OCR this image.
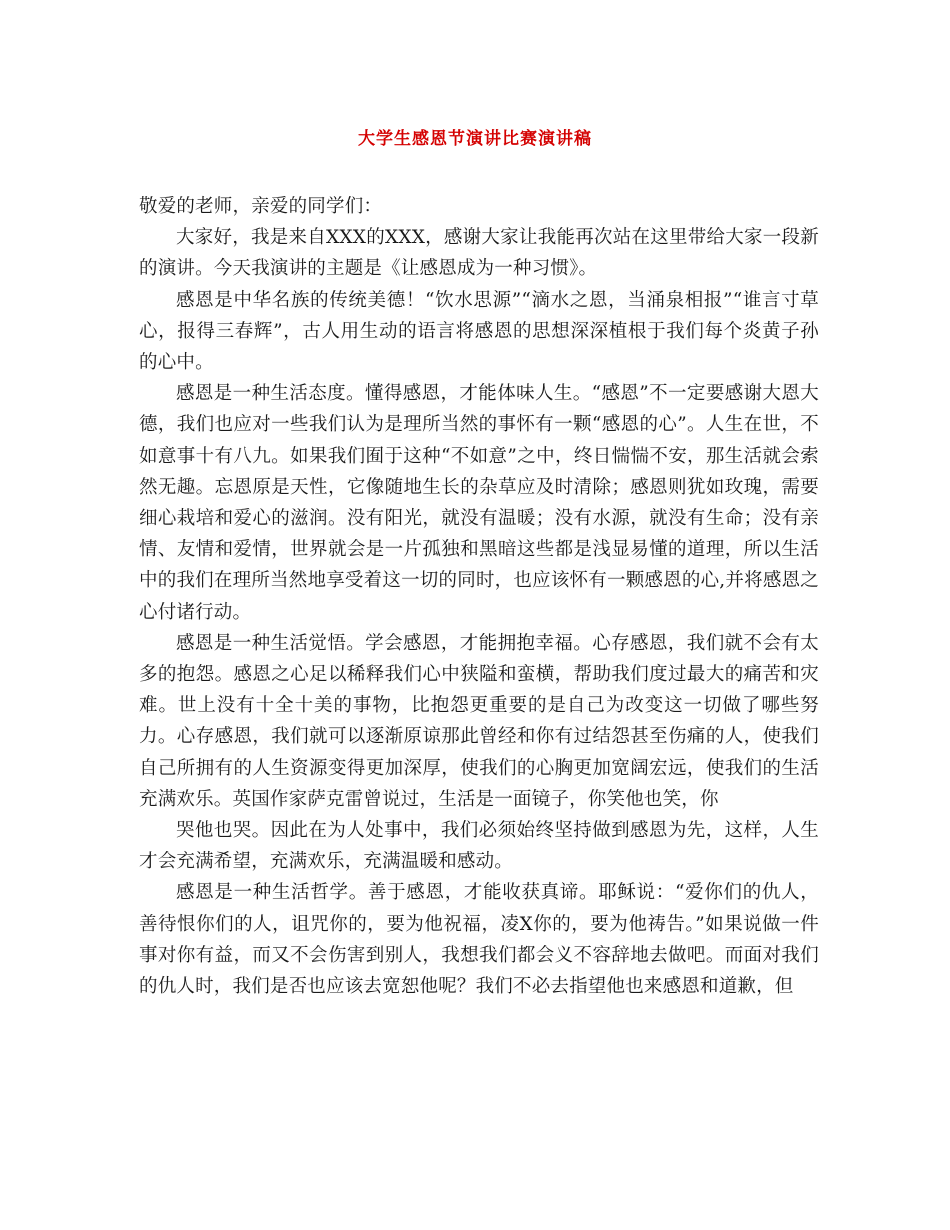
大学生感恩节演讲比赛演讲稿

敬爱的老师，亲爱的同学们：

大家好，我是来自XXX的XXX，感谢大家让我能再次站在这里带给大家一段新的演讲。今天我演讲的主题是《让感恩成为一种习惯》。

感恩是中华名族的传统美德！“饮水思源”“滴水之恩，当涌泉相报”“谁言寸草心，报得三春辉”，古人用生动的语言将感恩的思想深深植根于我们每个炎黄子孙的心中。

感恩是一种生活态度。懂得感恩，才能体味人生。“感恩”不一定要感谢大恩大德，我们也应对一些我们认为是理所当然的事怀有一颗“感恩的心”。人生在世，不如意事十有八九。如果我们囿于这种“不如意”之中，终日惴惴不安，那生活就会索然无趣。忘恩原是天性，它像随地生长的杂草应及时清除；感恩则犹如玫瑰，需要细心栽培和爱心的滋润。没有阳光，就没有温暖；没有水源，就没有生命；没有亲情、友情和爱情，世界就会是一片孤独和黑暗这些都是浅显易懂的道理，所以生活中的我们在理所当然地享受着这一切的同时，也应该怀有一颗感恩的心,并将感恩之心付诸行动。

感恩是一种生活觉悟。学会感恩，才能拥抱幸福。心存感恩，我们就不会有太多的抱怨。感恩之心足以稀释我们心中狭隘和蛮横，帮助我们度过最大的痛苦和灾难。世上没有十全十美的事物，比抱怨更重要的是自己为改变这一切做了哪些努力。心存感恩，我们就可以逐渐原谅那此曾经和你有过结怨甚至伤痛的人，使我们自己所拥有的人生资源变得更加深厚，使我们的心胸更加宽阔宏远，使我们的生活充满欢乐。英国作家萨克雷曾说过，生活是一面镜子，你笑他也笑，你

哭他也哭。因此在为人处事中，我们必须始终坚持做到感恩为先，这样，人生才会充满希望，充满欢乐，充满温暖和感动。

感恩是一种生活哲学。善于感恩，才能收获真谛。耶稣说：“爱你们的仇人，善待恨你们的人，诅咒你的，要为他祝福，凌X你的，要为他祷告。”如果说做一件事对你有益，而又不会伤害到别人，我想我们都会义不容辞地去做吧。而面对我们的仇人时，我们是否也应该去宽恕他呢？我们不必去指望他也来感恩和道歉，但
